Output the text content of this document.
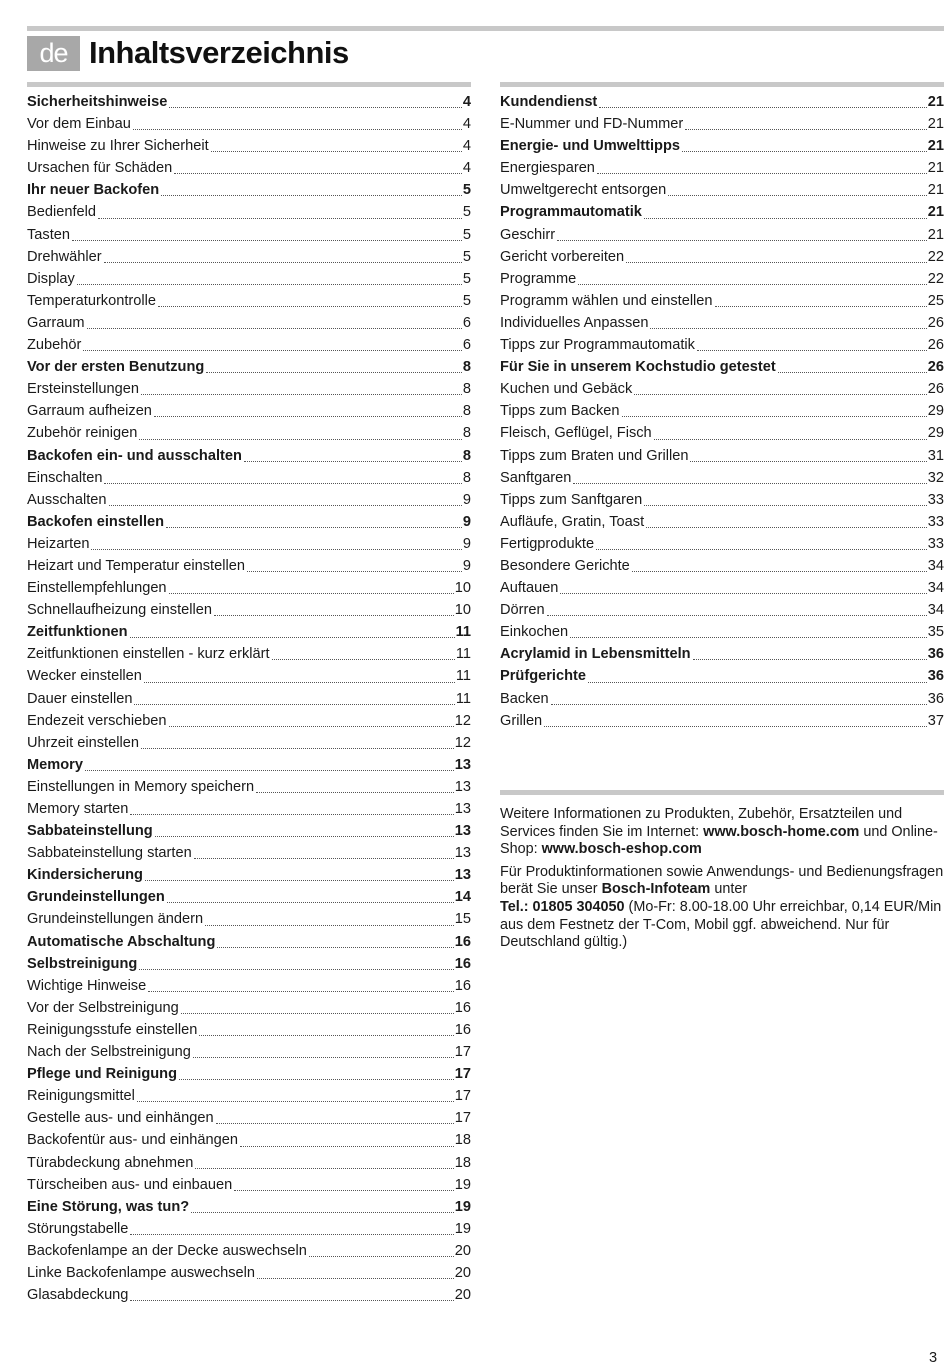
de Inhaltsverzeichnis
Sicherheitshinweise	4
Vor dem Einbau	4
Hinweise zu Ihrer Sicherheit	4
Ursachen für Schäden	4
Ihr neuer Backofen	5
Bedienfeld	5
Tasten	5
Drehwähler	5
Display	5
Temperaturkontrolle	5
Garraum	6
Zubehör	6
Vor der ersten Benutzung	8
Ersteinstellungen	8
Garraum aufheizen	8
Zubehör reinigen	8
Backofen ein- und ausschalten	8
Einschalten	8
Ausschalten	9
Backofen einstellen	9
Heizarten	9
Heizart und Temperatur einstellen	9
Einstellempfehlungen	10
Schnellaufheizung einstellen	10
Zeitfunktionen	11
Zeitfunktionen einstellen - kurz erklärt	11
Wecker einstellen	11
Dauer einstellen	11
Endezeit verschieben	12
Uhrzeit einstellen	12
Memory	13
Einstellungen in Memory speichern	13
Memory starten	13
Sabbateinstellung	13
Sabbateinstellung starten	13
Kindersicherung	13
Grundeinstellungen	14
Grundeinstellungen ändern	15
Automatische Abschaltung	16
Selbstreinigung	16
Wichtige Hinweise	16
Vor der Selbstreinigung	16
Reinigungsstufe einstellen	16
Nach der Selbstreinigung	17
Pflege und Reinigung	17
Reinigungsmittel	17
Gestelle aus- und einhängen	17
Backofentür aus- und einhängen	18
Türabdeckung abnehmen	18
Türscheiben aus- und einbauen	19
Eine Störung, was tun?	19
Störungstabelle	19
Backofenlampe an der Decke auswechseln	20
Linke Backofenlampe auswechseln	20
Glasabdeckung	20
Kundendienst	21
E-Nummer und FD-Nummer	21
Energie- und Umwelttipps	21
Energiesparen	21
Umweltgerecht entsorgen	21
Programmautomatik	21
Geschirr	21
Gericht vorbereiten	22
Programme	22
Programm wählen und einstellen	25
Individuelles Anpassen	26
Tipps zur Programmautomatik	26
Für Sie in unserem Kochstudio getestet	26
Kuchen und Gebäck	26
Tipps zum Backen	29
Fleisch, Geflügel, Fisch	29
Tipps zum Braten und Grillen	31
Sanftgaren	32
Tipps zum Sanftgaren	33
Aufläufe, Gratin, Toast	33
Fertigprodukte	33
Besondere Gerichte	34
Auftauen	34
Dörren	34
Einkochen	35
Acrylamid in Lebensmitteln	36
Prüfgerichte	36
Backen	36
Grillen	37

Weitere Informationen zu Produkten, Zubehör, Ersatzteilen und Services finden Sie im Internet: www.bosch-home.com und Online-Shop: www.bosch-eshop.com

Für Produktinformationen sowie Anwendungs- und Bedienungsfragen berät Sie unser Bosch-Infoteam unter
Tel.: 01805 304050 (Mo-Fr: 8.00-18.00 Uhr erreichbar, 0,14 EUR/Min aus dem Festnetz der T-Com, Mobil ggf. abweichend. Nur für Deutschland gültig.)

3
